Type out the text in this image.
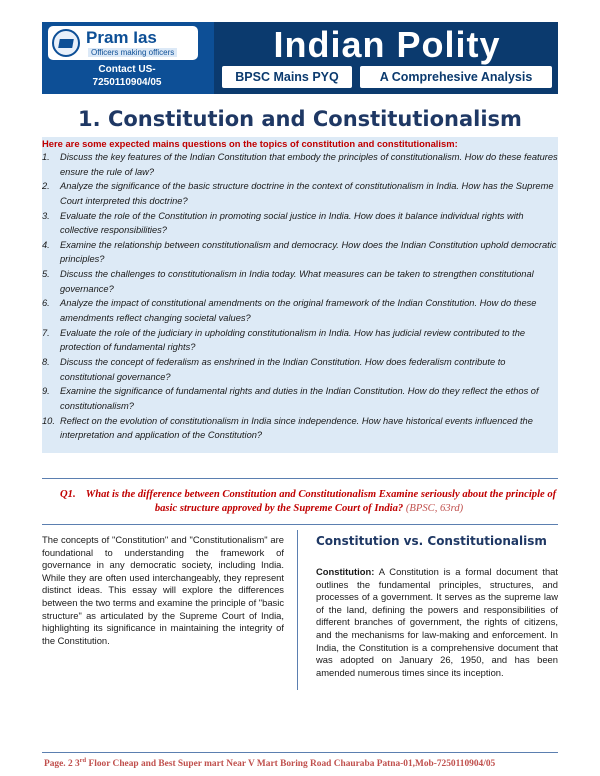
Pram Ias
Officers making officers
Contact US-
7250110904/05
Indian Polity
BPSC Mains PYQ	A Comprehesive Analysis
1. Constitution and Constitutionalism
Here are some expected mains questions on the topics of constitution and constitutionalism:
1. Discuss the key features of the Indian Constitution that embody the principles of constitutionalism. How do these features ensure the rule of law?
2. Analyze the significance of the basic structure doctrine in the context of constitutionalism in India. How has the Supreme Court interpreted this doctrine?
3. Evaluate the role of the Constitution in promoting social justice in India. How does it balance individual rights with collective responsibilities?
4. Examine the relationship between constitutionalism and democracy. How does the Indian Constitution uphold democratic principles?
5. Discuss the challenges to constitutionalism in India today. What measures can be taken to strengthen constitutional governance?
6. Analyze the impact of constitutional amendments on the original framework of the Indian Constitution. How do these amendments reflect changing societal values?
7. Evaluate the role of the judiciary in upholding constitutionalism in India. How has judicial review contributed to the protection of fundamental rights?
8. Discuss the concept of federalism as enshrined in the Indian Constitution. How does federalism contribute to constitutional governance?
9. Examine the significance of fundamental rights and duties in the Indian Constitution. How do they reflect the ethos of constitutionalism?
10. Reflect on the evolution of constitutionalism in India since independence. How have historical events influenced the interpretation and application of the Constitution?
Q1. What is the difference between Constitution and Constitutionalism Examine seriously about the principle of basic structure approved by the Supreme Court of India? (BPSC, 63rd)

The concepts of "Constitution" and "Constitutionalism" are foundational to understanding the framework of governance in any democratic society, including India. While they are often used interchangeably, they represent distinct ideas. This essay will explore the differences between the two terms and examine the principle of "basic structure" as articulated by the Supreme Court of India, highlighting its significance in maintaining the integrity of the Constitution.

Constitution vs. Constitutionalism

Constitution: A Constitution is a formal document that outlines the fundamental principles, structures, and processes of a government. It serves as the supreme law of the land, defining the powers and responsibilities of different branches of government, the rights of citizens, and the mechanisms for law-making and enforcement. In India, the Constitution is a comprehensive document that was adopted on January 26, 1950, and has been amended numerous times since its inception.

Page. 2 3rd Floor Cheap and Best Super mart Near V Mart Boring Road Chauraba Patna-01,Mob-7250110904/05
